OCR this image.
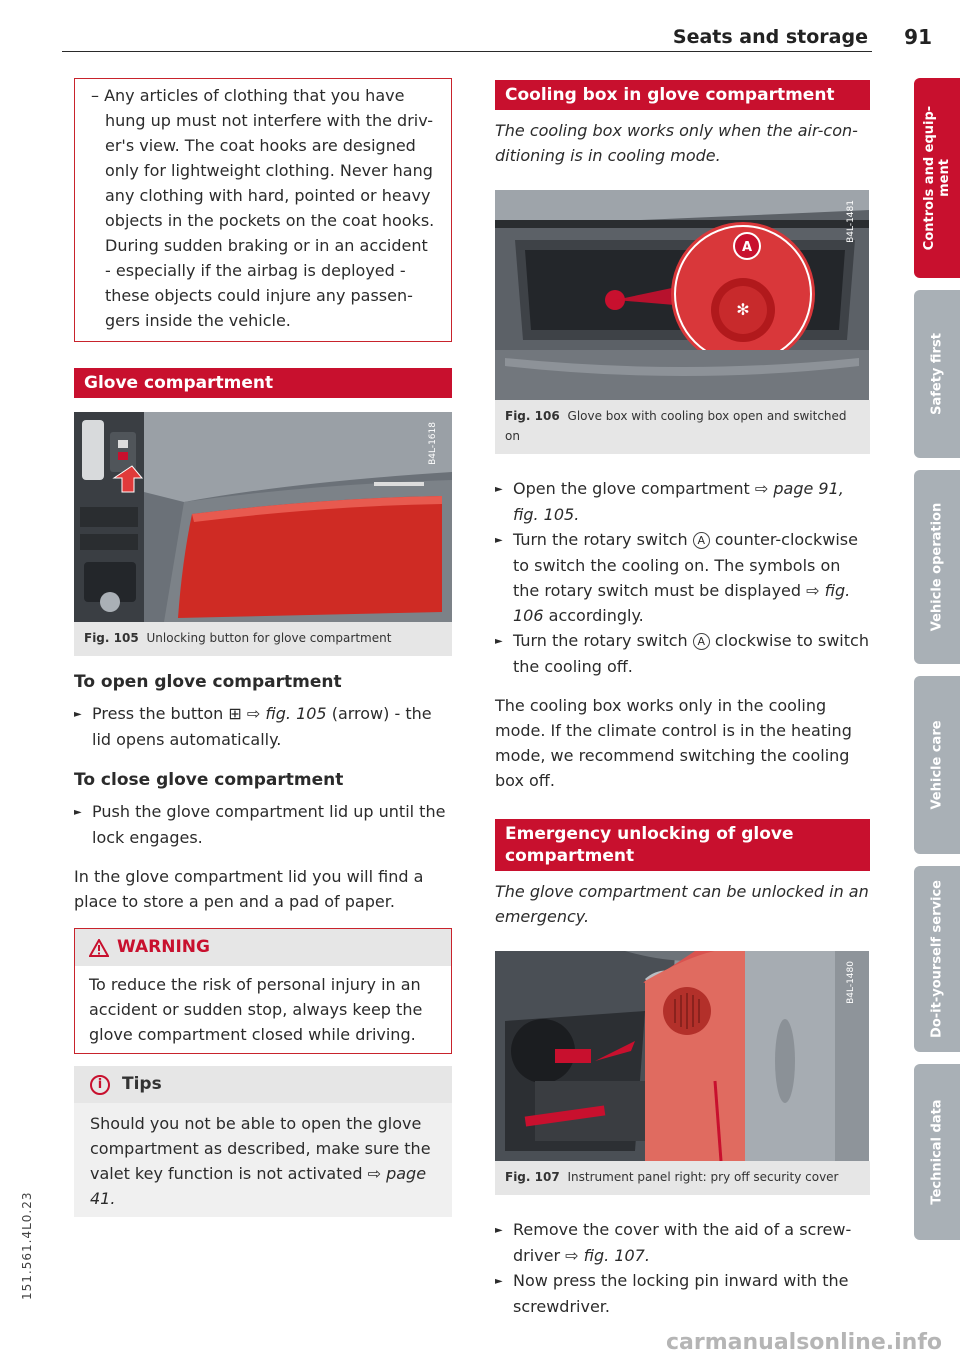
Seats and storage 91
– Any articles of clothing that you have hung up must not interfere with the driv-er's view. The coat hooks are designed only for lightweight clothing. Never hang any clothing with hard, pointed or heavy objects in the pockets on the coat hooks. During sudden braking or in an accident - especially if the airbag is deployed - these objects could injure any passen-gers inside the vehicle.
Glove compartment
B4L-1618
Fig. 105 Unlocking button for glove compartment
To open glove compartment
► Press the button ⊞ ⇨ fig. 105 (arrow) - the lid opens automatically.
To close glove compartment
► Push the glove compartment lid up until the lock engages.
In the glove compartment lid you will find a place to store a pen and a pad of paper.
WARNING
To reduce the risk of personal injury in an accident or sudden stop, always keep the glove compartment closed while driving.
i	Tips
Should you not be able to open the glove compartment as described, make sure the valet key function is not activated ⇨ page 41.
Cooling box in glove compartment
The cooling box works only when the air-con-ditioning is in cooling mode.
✻
A
B4L-1481
Fig. 106 Glove box with cooling box open and switched on
► Open the glove compartment ⇨ page 91, fig. 105.
► Turn the rotary switch A counter-clockwise to switch the cooling on. The symbols on the rotary switch must be displayed ⇨ fig. 106 accordingly.
► Turn the rotary switch A clockwise to switch the cooling off.
The cooling box works only in the cooling mode. If the climate control is in the heating mode, we recommend switching the cooling box off.
Emergency unlocking of glove compartment
The glove compartment can be unlocked in an emergency.
B4L-1480
Fig. 107 Instrument panel right: pry off security cover
► Remove the cover with the aid of a screw-driver ⇨ fig. 107.
► Now press the locking pin inward with the screwdriver.
Controls and equip-
ment
Safety first
Vehicle operation
Vehicle care
Do-it-yourself service
Technical data
151.561.4L0.23
carmanualsonline.info
